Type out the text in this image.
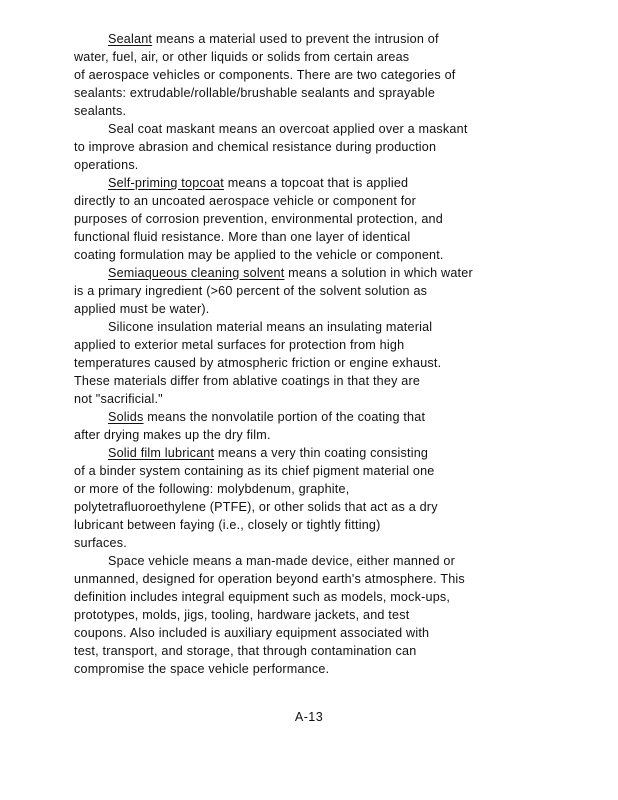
Sealant means a material used to prevent the intrusion of

water, fuel, air, or other liquids or solids from certain areas

of aerospace vehicles or components. There are two categories of

sealants: extrudable/rollable/brushable sealants and sprayable

sealants.

Seal coat maskant means an overcoat applied over a maskant

to improve abrasion and chemical resistance during production

operations.

Self-priming topcoat means a topcoat that is applied

directly to an uncoated aerospace vehicle or component for

purposes of corrosion prevention, environmental protection, and

functional fluid resistance. More than one layer of identical

coating formulation may be applied to the vehicle or component.

Semiaqueous cleaning solvent means a solution in which water

is a primary ingredient (>60 percent of the solvent solution as

applied must be water).

Silicone insulation material means an insulating material

applied to exterior metal surfaces for protection from high

temperatures caused by atmospheric friction or engine exhaust.

These materials differ from ablative coatings in that they are

not "sacrificial."

Solids means the nonvolatile portion of the coating that

after drying makes up the dry film.

Solid film lubricant means a very thin coating consisting

of a binder system containing as its chief pigment material one

or more of the following: molybdenum, graphite,

polytetrafluoroethylene (PTFE), or other solids that act as a dry

lubricant between faying (i.e., closely or tightly fitting)

surfaces.

Space vehicle means a man-made device, either manned or

unmanned, designed for operation beyond earth's atmosphere. This

definition includes integral equipment such as models, mock-ups,

prototypes, molds, jigs, tooling, hardware jackets, and test

coupons. Also included is auxiliary equipment associated with

test, transport, and storage, that through contamination can

compromise the space vehicle performance.

A-13
